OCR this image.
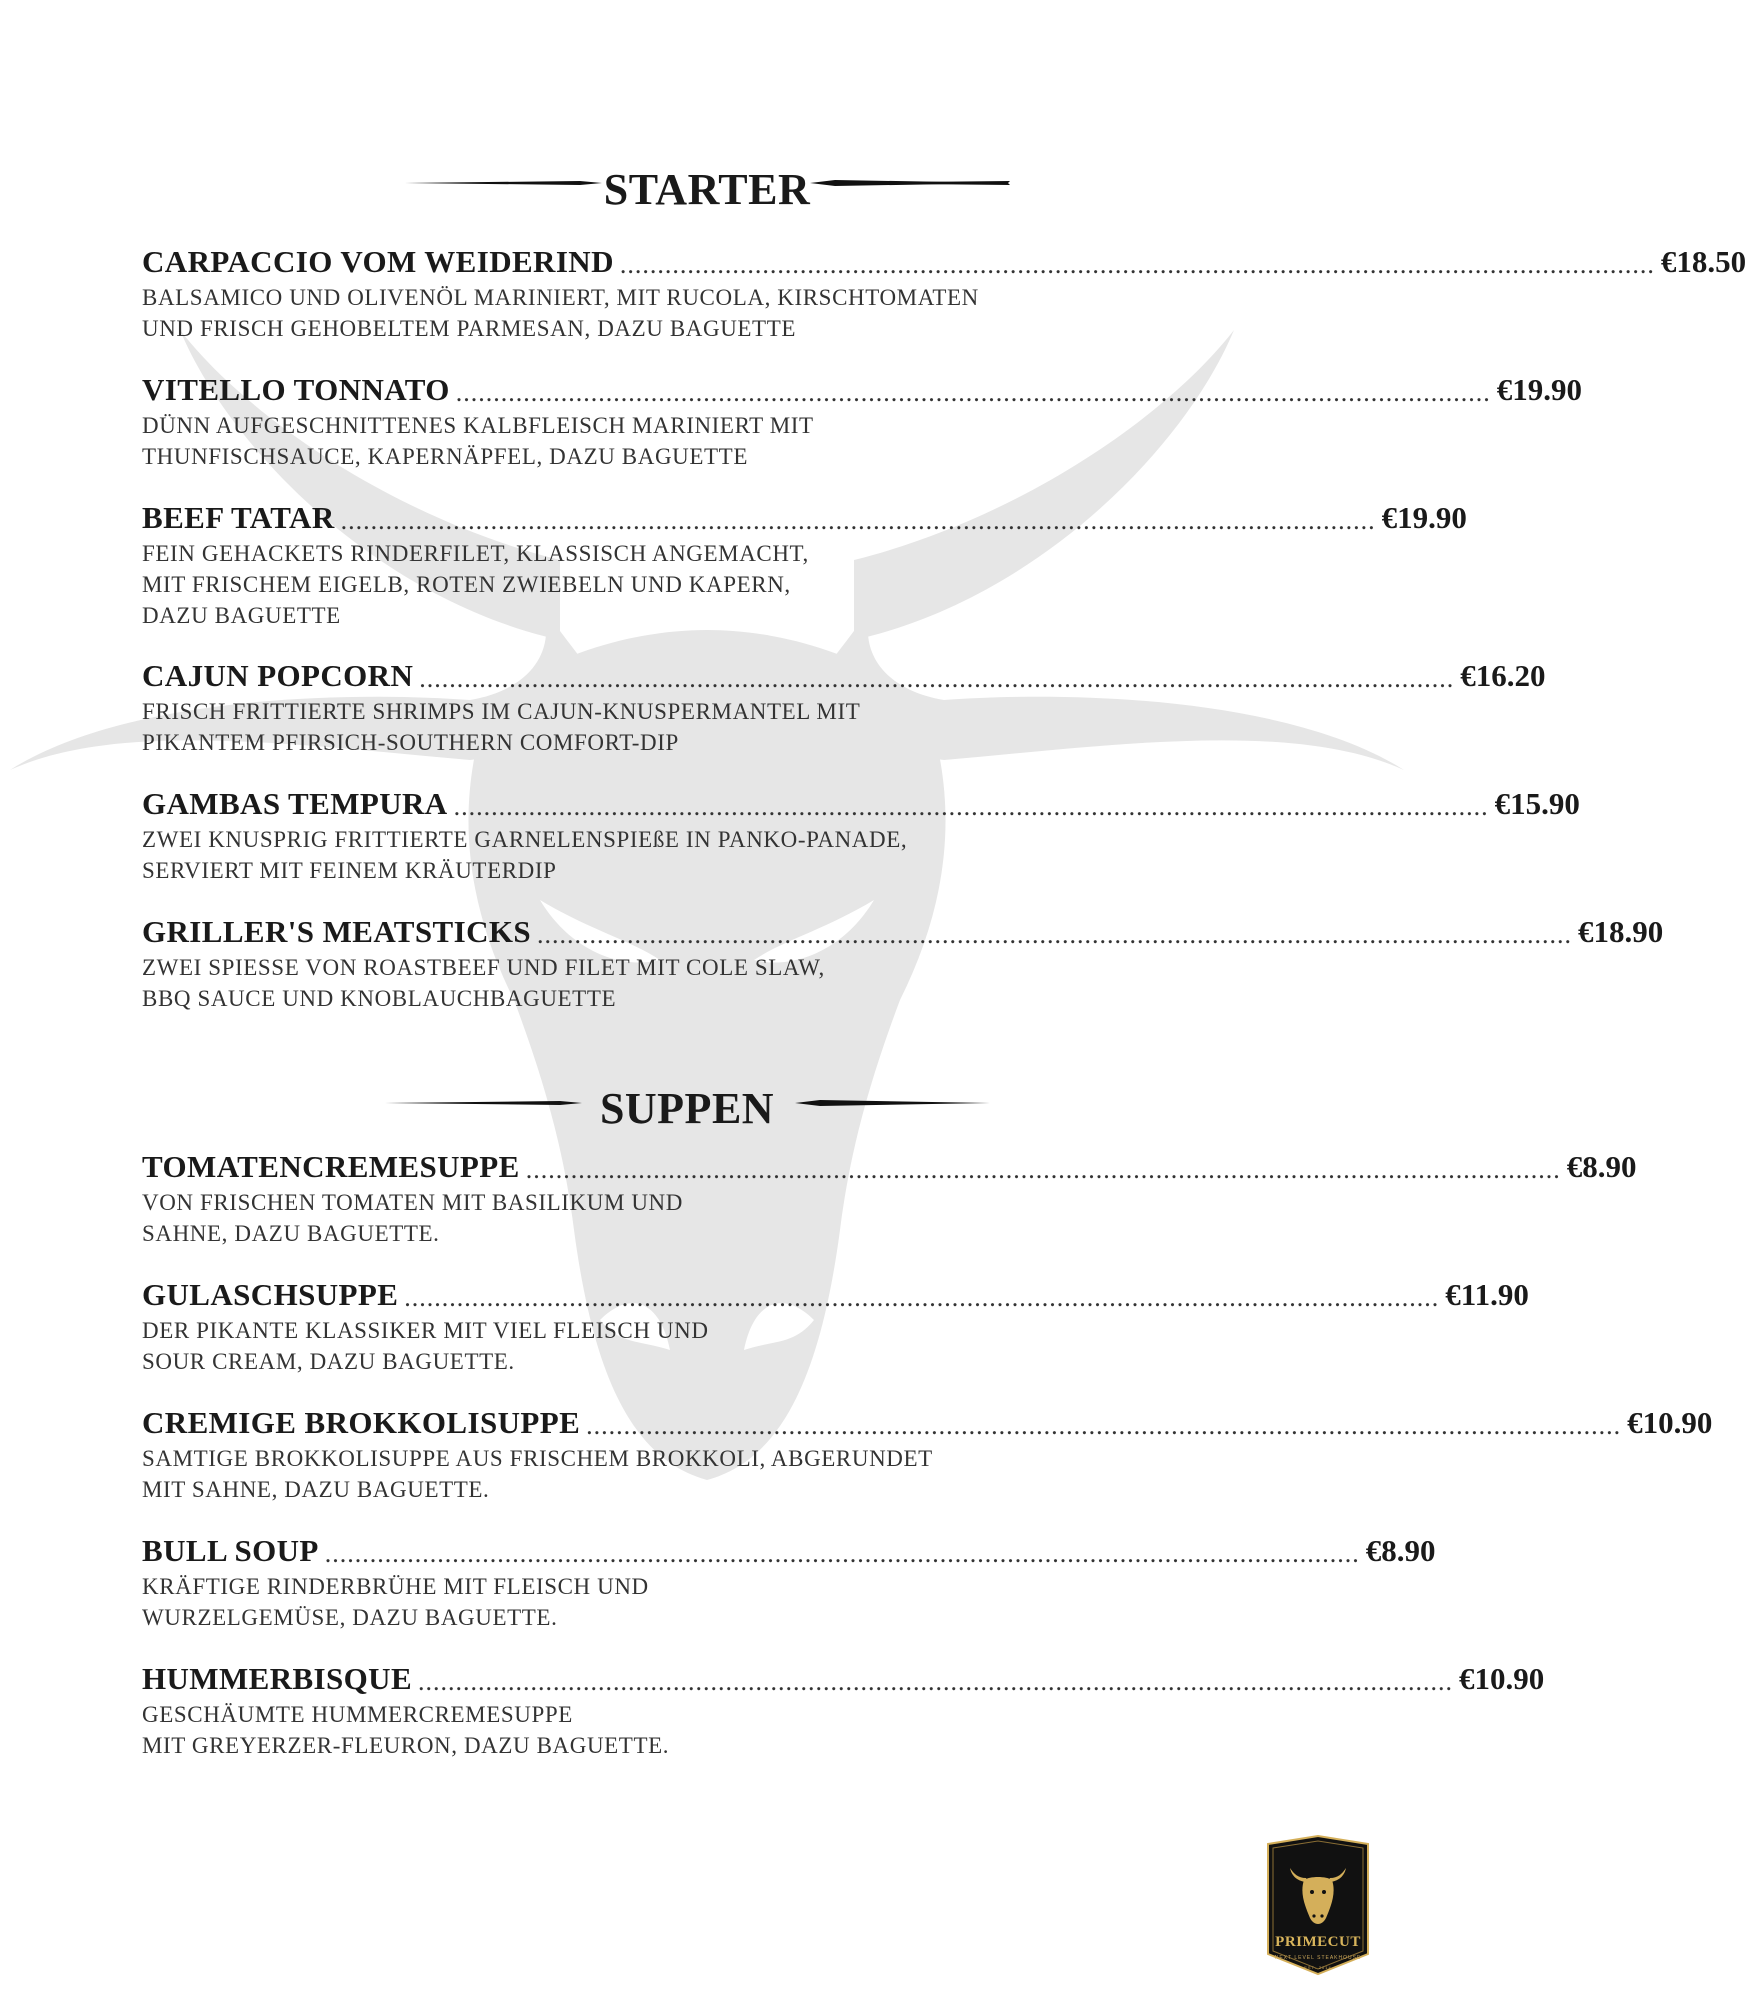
STARTER
CARPACCIO VOM WEIDERIND .......................................................................................................................................... €18.50
BALSAMICO UND OLIVENÖL MARINIERT, MIT RUCOLA, KIRSCHTOMATEN
UND FRISCH GEHOBELTEM PARMESAN, DAZU BAGUETTE
VITELLO TONNATO .......................................................................................................................................... €19.90
DÜNN AUFGESCHNITTENES KALBFLEISCH MARINIERT MIT
THUNFISCHSAUCE, KAPERNÄPFEL, DAZU BAGUETTE
BEEF TATAR .......................................................................................................................................... €19.90
FEIN GEHACKETS RINDERFILET, KLASSISCH ANGEMACHT,
MIT FRISCHEM EIGELB, ROTEN ZWIEBELN UND KAPERN,
DAZU BAGUETTE
CAJUN POPCORN .......................................................................................................................................... €16.20
FRISCH FRITTIERTE SHRIMPS IM CAJUN-KNUSPERMANTEL MIT
PIKANTEM PFIRSICH-SOUTHERN COMFORT-DIP
GAMBAS TEMPURA .......................................................................................................................................... €15.90
ZWEI KNUSPRIG FRITTIERTE GARNELENSPIEßE IN PANKO-PANADE,
SERVIERT MIT FEINEM KRÄUTERDIP
GRILLER'S MEATSTICKS .......................................................................................................................................... €18.90
ZWEI SPIESSE VON ROASTBEEF UND FILET MIT COLE SLAW,
BBQ SAUCE UND KNOBLAUCHBAGUETTE
SUPPEN
TOMATENCREMESUPPE .......................................................................................................................................... €8.90
VON FRISCHEN TOMATEN MIT BASILIKUM UND
SAHNE, DAZU BAGUETTE.
GULASCHSUPPE .......................................................................................................................................... €11.90
DER PIKANTE KLASSIKER MIT VIEL FLEISCH UND
SOUR CREAM, DAZU BAGUETTE.
CREMIGE BROKKOLISUPPE .......................................................................................................................................... €10.90
SAMTIGE BROKKOLISUPPE AUS FRISCHEM BROKKOLI, ABGERUNDET
MIT SAHNE, DAZU BAGUETTE.
BULL SOUP .......................................................................................................................................... €8.90
KRÄFTIGE RINDERBRÜHE MIT FLEISCH UND
WURZELGEMÜSE, DAZU BAGUETTE.
HUMMERBISQUE .......................................................................................................................................... €10.90
GESCHÄUMTE HUMMERCREMESUPPE
MIT GREYERZER-FLEURON, DAZU BAGUETTE.
PRIMECUT
NEXT LEVEL STEAKHOUSE
EST. 2014
